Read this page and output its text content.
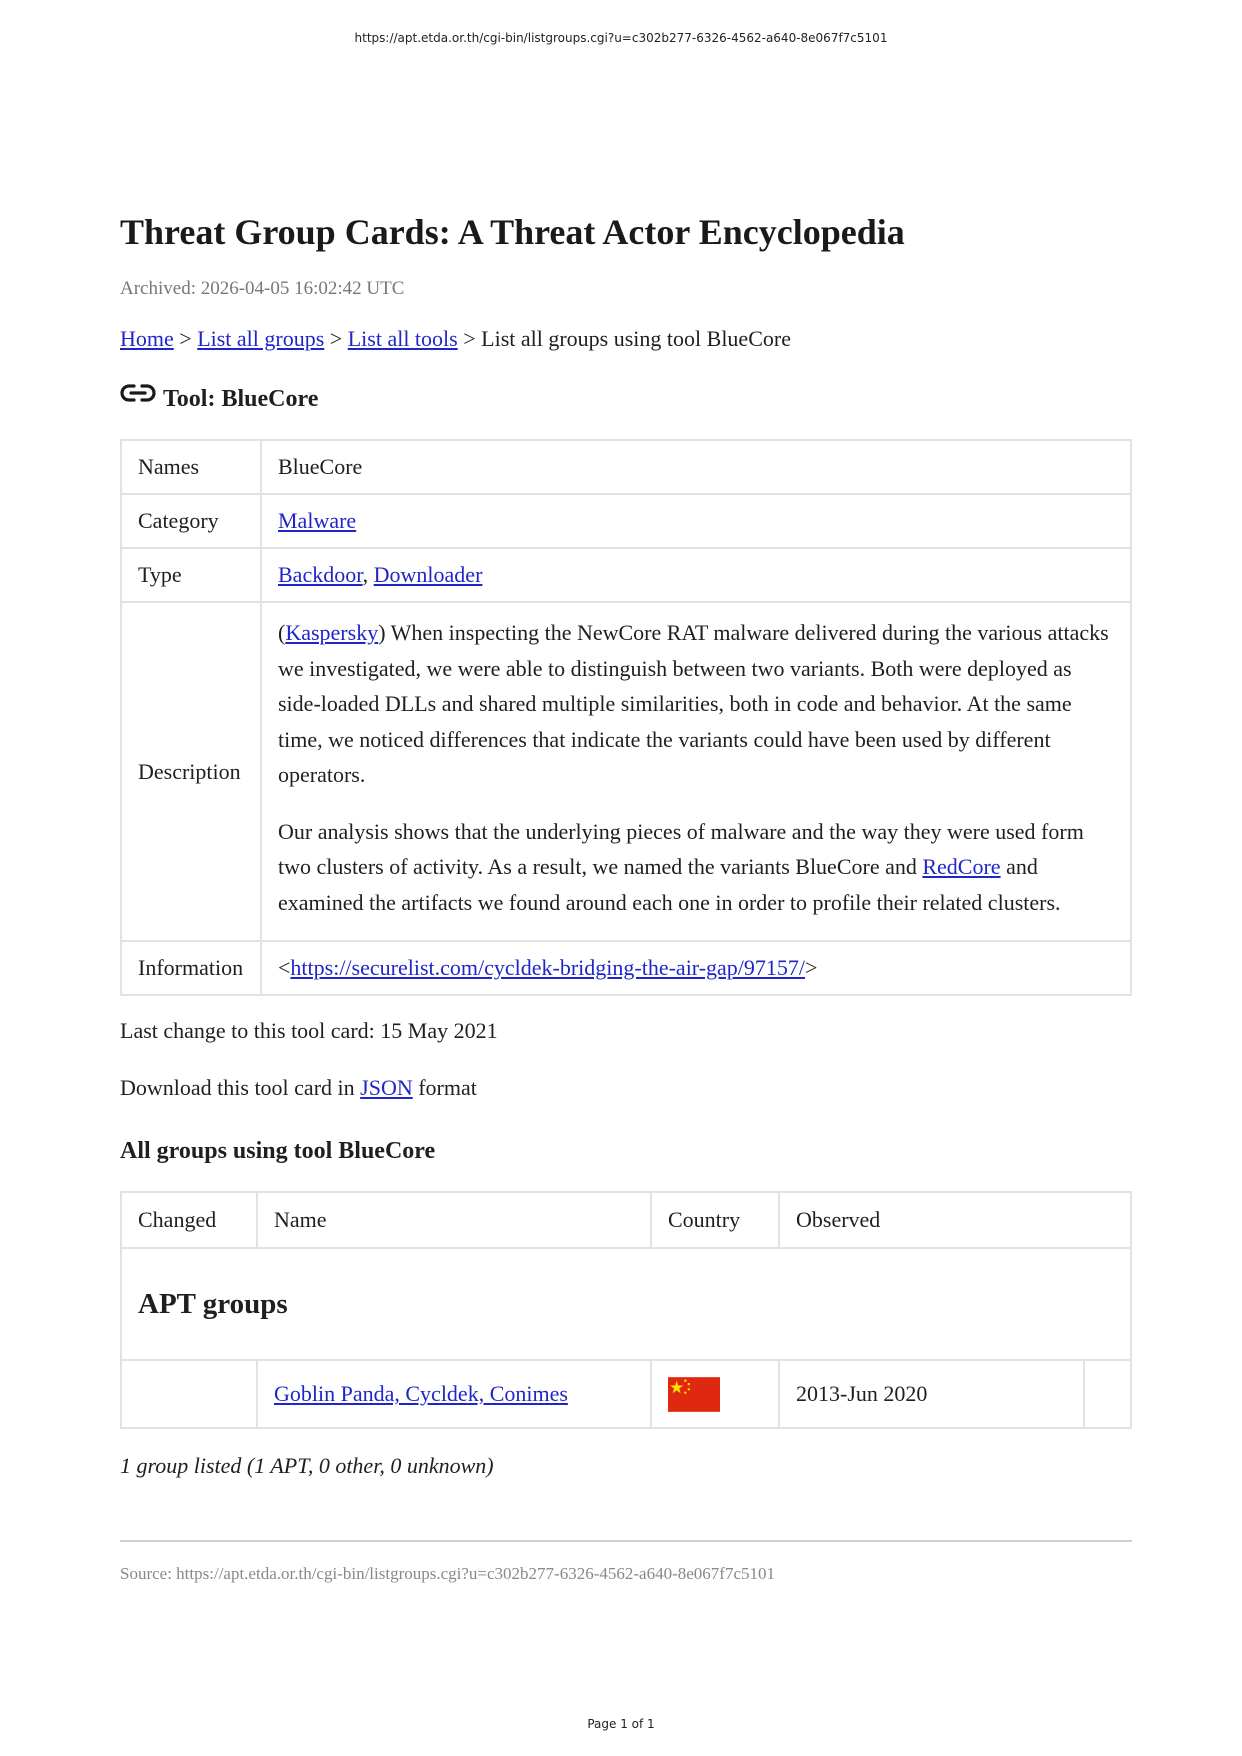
https://apt.etda.or.th/cgi-bin/listgroups.cgi?u=c302b277-6326-4562-a640-8e067f7c5101
Threat Group Cards: A Threat Actor Encyclopedia
Archived: 2026-04-05 16:02:42 UTC
Home > List all groups > List all tools > List all groups using tool BlueCore
Tool: BlueCore
Names	BlueCore
Category	Malware
Type	Backdoor, Downloader
Description	(Kaspersky) When inspecting the NewCore RAT malware delivered during the various attacks we investigated, we were able to distinguish between two variants. Both were deployed as side-loaded DLLs and shared multiple similarities, both in code and behavior. At the same time, we noticed differences that indicate the variants could have been used by different operators.

Our analysis shows that the underlying pieces of malware and the way they were used form two clusters of activity. As a result, we named the variants BlueCore and RedCore and examined the artifacts we found around each one in order to profile their related clusters.

Information	<https://securelist.com/cycldek-bridging-the-air-gap/97157/>
Last change to this tool card: 15 May 2021
Download this tool card in JSON format
All groups using tool BlueCore
Changed	Name	Country	Observed	
APT groups				
	Goblin Panda, Cycldek, Conimes		2013-Jun 2020	
1 group listed (1 APT, 0 other, 0 unknown)
Source: https://apt.etda.or.th/cgi-bin/listgroups.cgi?u=c302b277-6326-4562-a640-8e067f7c5101
Page 1 of 1
